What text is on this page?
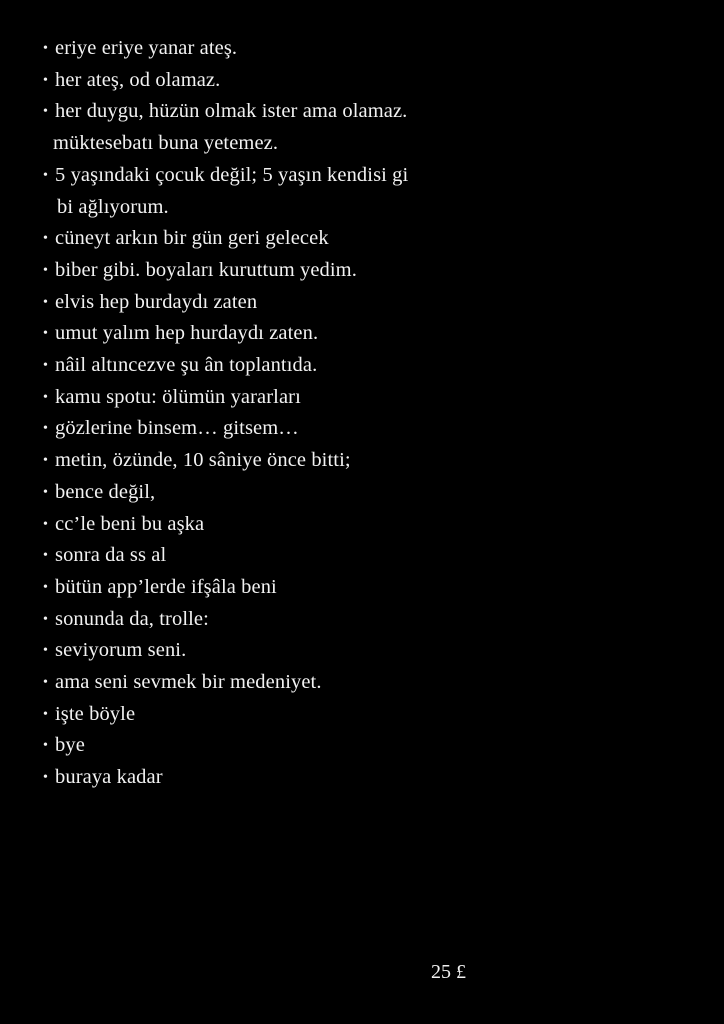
• eriye eriye yanar ateş.
• her ateş, od olamaz.
• her duygu, hüzün olmak ister ama olamaz.
müktesebatı buna yetemez.
• 5 yaşındaki çocuk değil; 5 yaşın kendisi gi
bi ağlıyorum.
• cüneyt arkın bir gün geri gelecek
• biber gibi. boyaları kuruttum yedim.
• elvis hep burdaydı zaten
• umut yalım hep hurdaydı zaten.
• nâil altıncezve şu ân toplantıda.
• kamu spotu: ölümün yararları
• gözlerine binsem… gitsem…
• metin, özünde, 10 sâniye önce bitti;
• bence değil,
• cc’le beni bu aşka
• sonra da ss al
• bütün app’lerde ifşâla beni
• sonunda da, trolle:
• seviyorum seni.
• ama seni sevmek bir medeniyet.
• işte böyle
• bye
• buraya kadar
25 £
